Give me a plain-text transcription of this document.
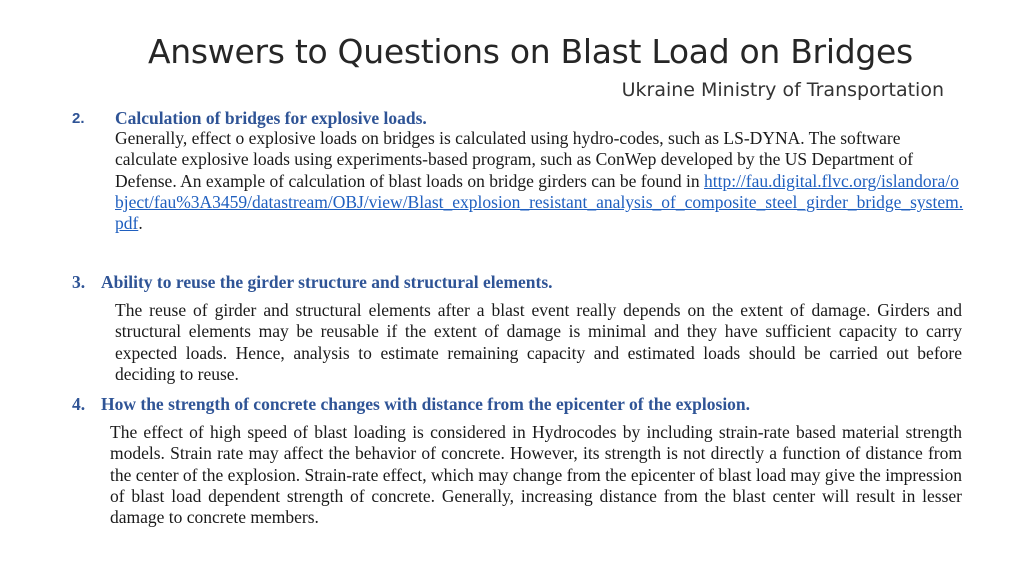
Answers to Questions on Blast Load on Bridges
Ukraine Ministry of Transportation
2. Calculation of bridges for explosive loads.
Generally, effect o explosive loads on bridges is calculated using hydro-codes, such as LS-DYNA. The software calculate explosive loads using experiments-based program, such as ConWep developed by the US Department of Defense. An example of calculation of blast loads on bridge girders can be found in http://fau.digital.flvc.org/islandora/object/fau%3A3459/datastream/OBJ/view/Blast_explosion_resistant_analysis_of_composite_steel_girder_bridge_system.pdf.
3. Ability to reuse the girder structure and structural elements.
The reuse of girder and structural elements after a blast event really depends on the extent of damage. Girders and structural elements may be reusable if the extent of damage is minimal and they have sufficient capacity to carry expected loads. Hence, analysis to estimate remaining capacity and estimated loads should be carried out before deciding to reuse.
4. How the strength of concrete changes with distance from the epicenter of the explosion.
The effect of high speed of blast loading is considered in Hydrocodes by including strain-rate based material strength models. Strain rate may affect the behavior of concrete. However, its strength is not directly a function of distance from the center of the explosion. Strain-rate effect, which may change from the epicenter of blast load may give the impression of blast load dependent strength of concrete. Generally, increasing distance from the blast center will result in lesser damage to concrete members.
